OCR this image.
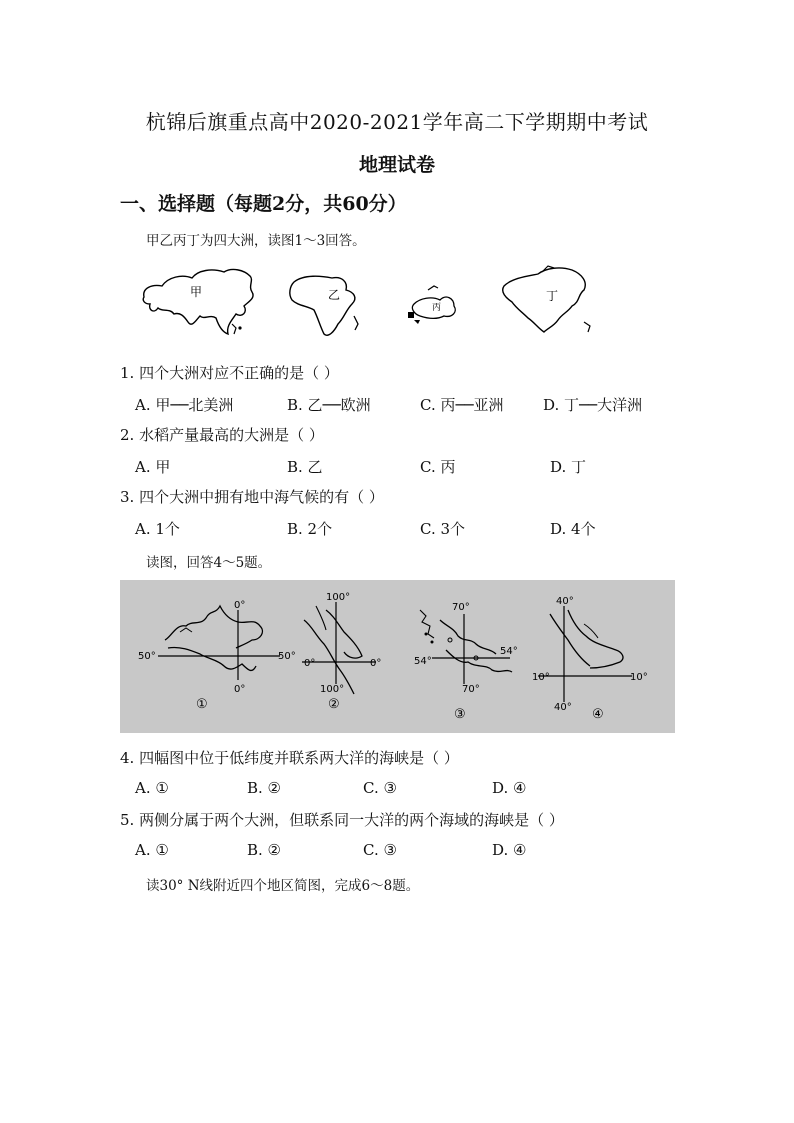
杭锦后旗重点高中2020-2021学年高二下学期期中考试
地理试卷
一、选择题（每题2分，共60分）
甲乙丙丁为四大洲，读图1～3回答。
甲	乙
丙
丁
1. 四个大洲对应不正确的是（ ）
A. 甲──北美洲	B. 乙──欧洲	C. 丙──亚洲	D. 丁──大洋洲
2. 水稻产量最高的大洲是（ ）
A. 甲	B. 乙	C. 丙	D. 丁
3. 四个大洲中拥有地中海气候的有（ ）
A. 1个	B. 2个	C. 3个	D. 4个
读图，回答4～5题。
0°
0°
50°	50°
①
100°
100°
0°	0°
②
70°
70°
54°
54°
③
40°
40°
10°	10°
④
4. 四幅图中位于低纬度并联系两大洋的海峡是（ ）
A. ①	B. ②	C. ③	D. ④
5. 两侧分属于两个大洲，但联系同一大洋的两个海域的海峡是（ ）
A. ①	B. ②	C. ③	D. ④
读30° N线附近四个地区简图，完成6～8题。
